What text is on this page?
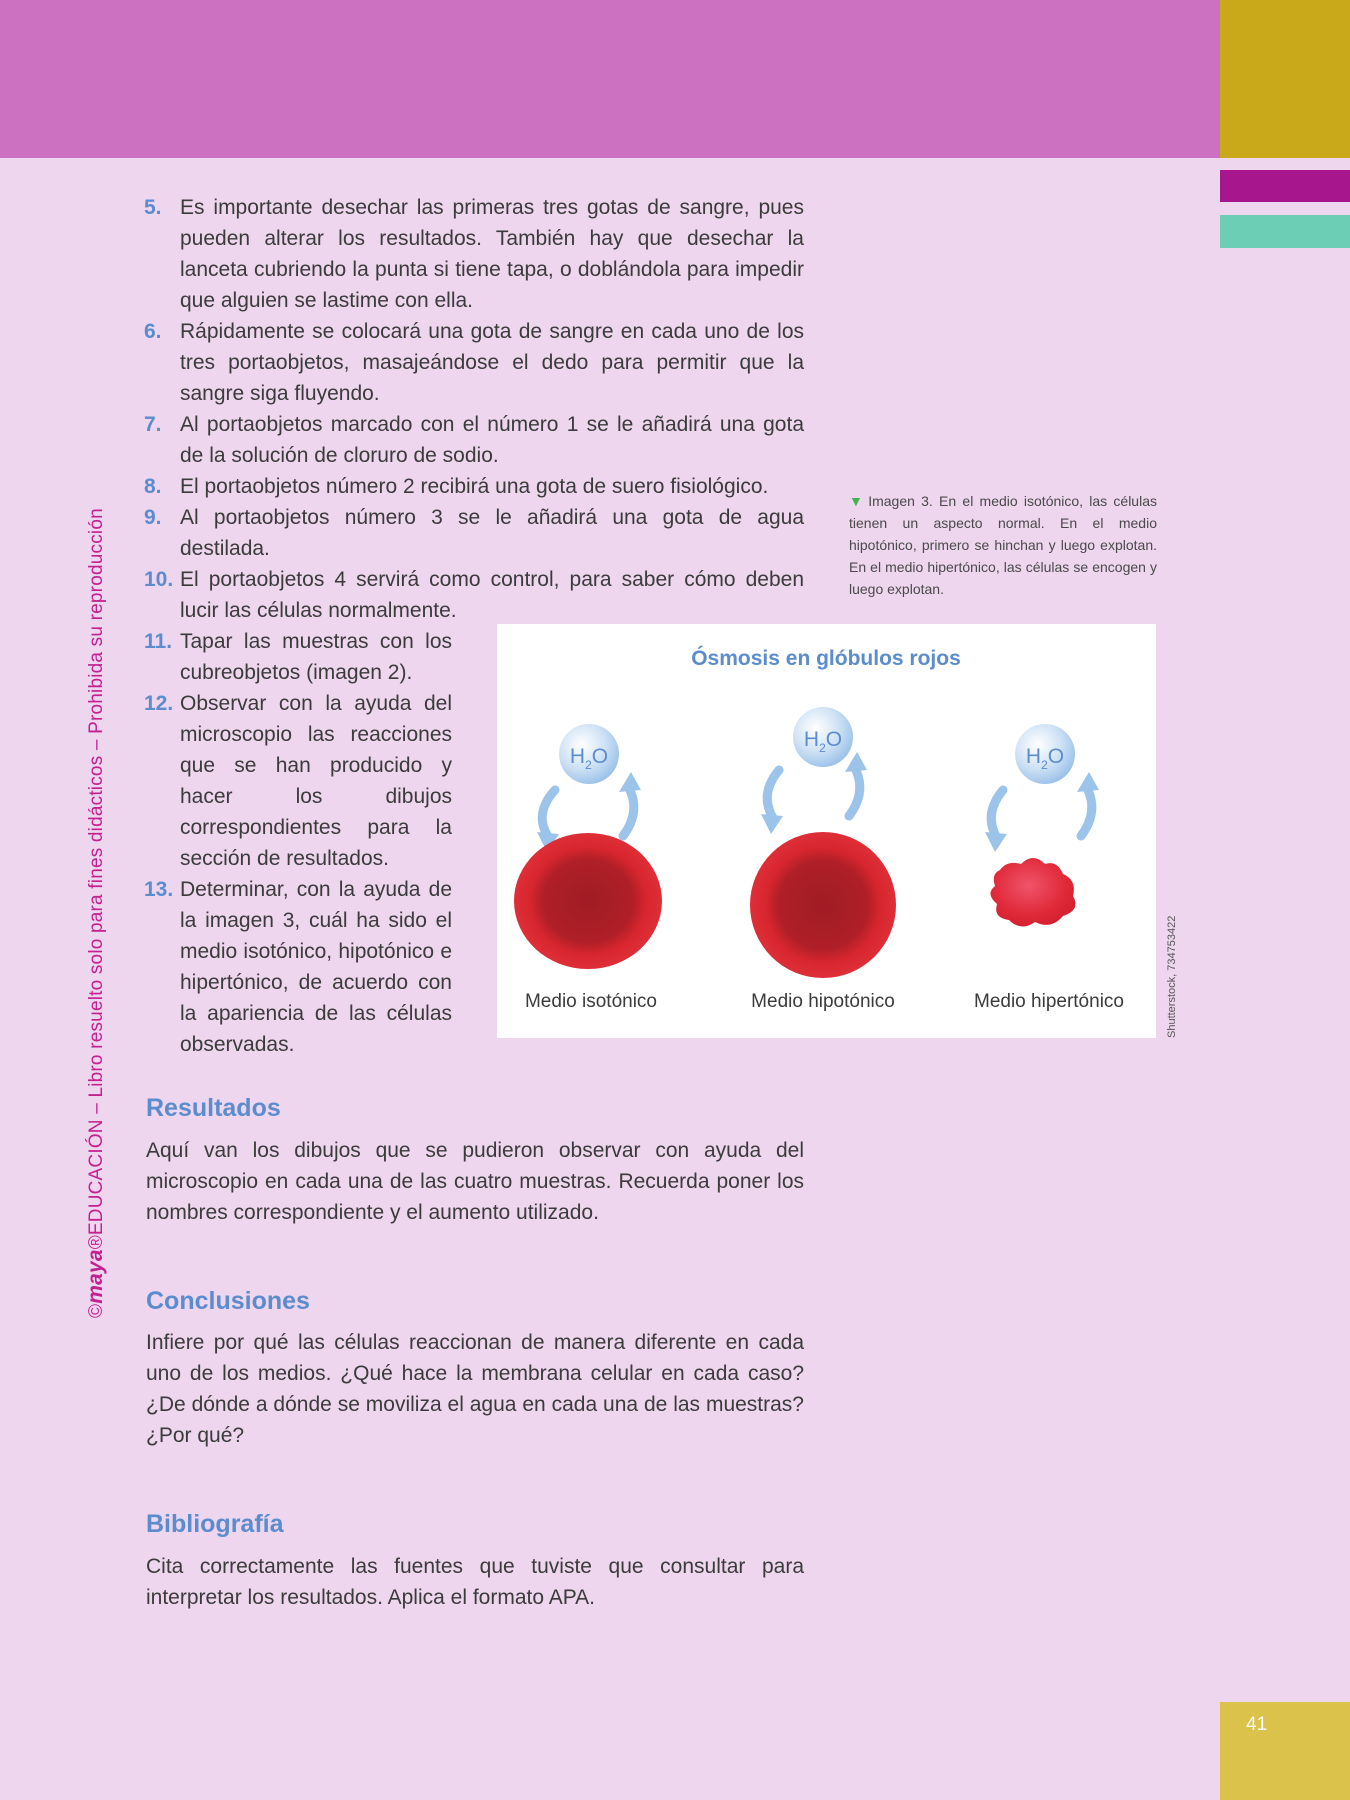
©maya®EDUCACIÓN – Libro resuelto solo para fines didácticos – Prohibida su reproducción
5. Es importante desechar las primeras tres gotas de sangre, pues pueden alterar los resultados. También hay que desechar la lanceta cubriendo la punta si tiene tapa, o doblándola para impedir que alguien se lastime con ella.
6. Rápidamente se colocará una gota de sangre en cada uno de los tres portaobjetos, masajeándose el dedo para permitir que la sangre siga fluyendo.
7. Al portaobjetos marcado con el número 1 se le añadirá una gota de la solución de cloruro de sodio.
8. El portaobjetos número 2 recibirá una gota de suero fisiológico.
9. Al portaobjetos número 3 se le añadirá una gota de agua destilada.
10. El portaobjetos 4 servirá como control, para saber cómo deben lucir las células normalmente.
11. Tapar las muestras con los cubreobjetos (imagen 2).
12. Observar con la ayuda del microscopio las reacciones que se han producido y hacer los dibujos correspondientes para la sección de resultados.
13. Determinar, con la ayuda de la imagen 3, cuál ha sido el medio isotónico, hipotónico e hipertónico, de acuerdo con la apariencia de las células observadas.
▼ Imagen 3. En el medio isotónico, las células tienen un aspecto normal. En el medio hipotónico, primero se hinchan y luego explotan. En el medio hipertónico, las células se encogen y luego explotan.
Ósmosis en glóbulos rojos
$H_2O$
Medio isotónico
$H_2O$
Medio hipotónico
$H_2O$
Medio hipertónico	Shutterstock, 734753422
Resultados

Aquí van los dibujos que se pudieron observar con ayuda del microscopio en cada una de las cuatro muestras. Recuerda poner los nombres correspondiente y el aumento utilizado.

Conclusiones

Infiere por qué las células reaccionan de manera diferente en cada uno de los medios. ¿Qué hace la membrana celular en cada caso? ¿De dónde a dónde se moviliza el agua en cada una de las muestras? ¿Por qué?

Bibliografía

Cita correctamente las fuentes que tuviste que consultar para interpretar los resultados. Aplica el formato APA.

41
